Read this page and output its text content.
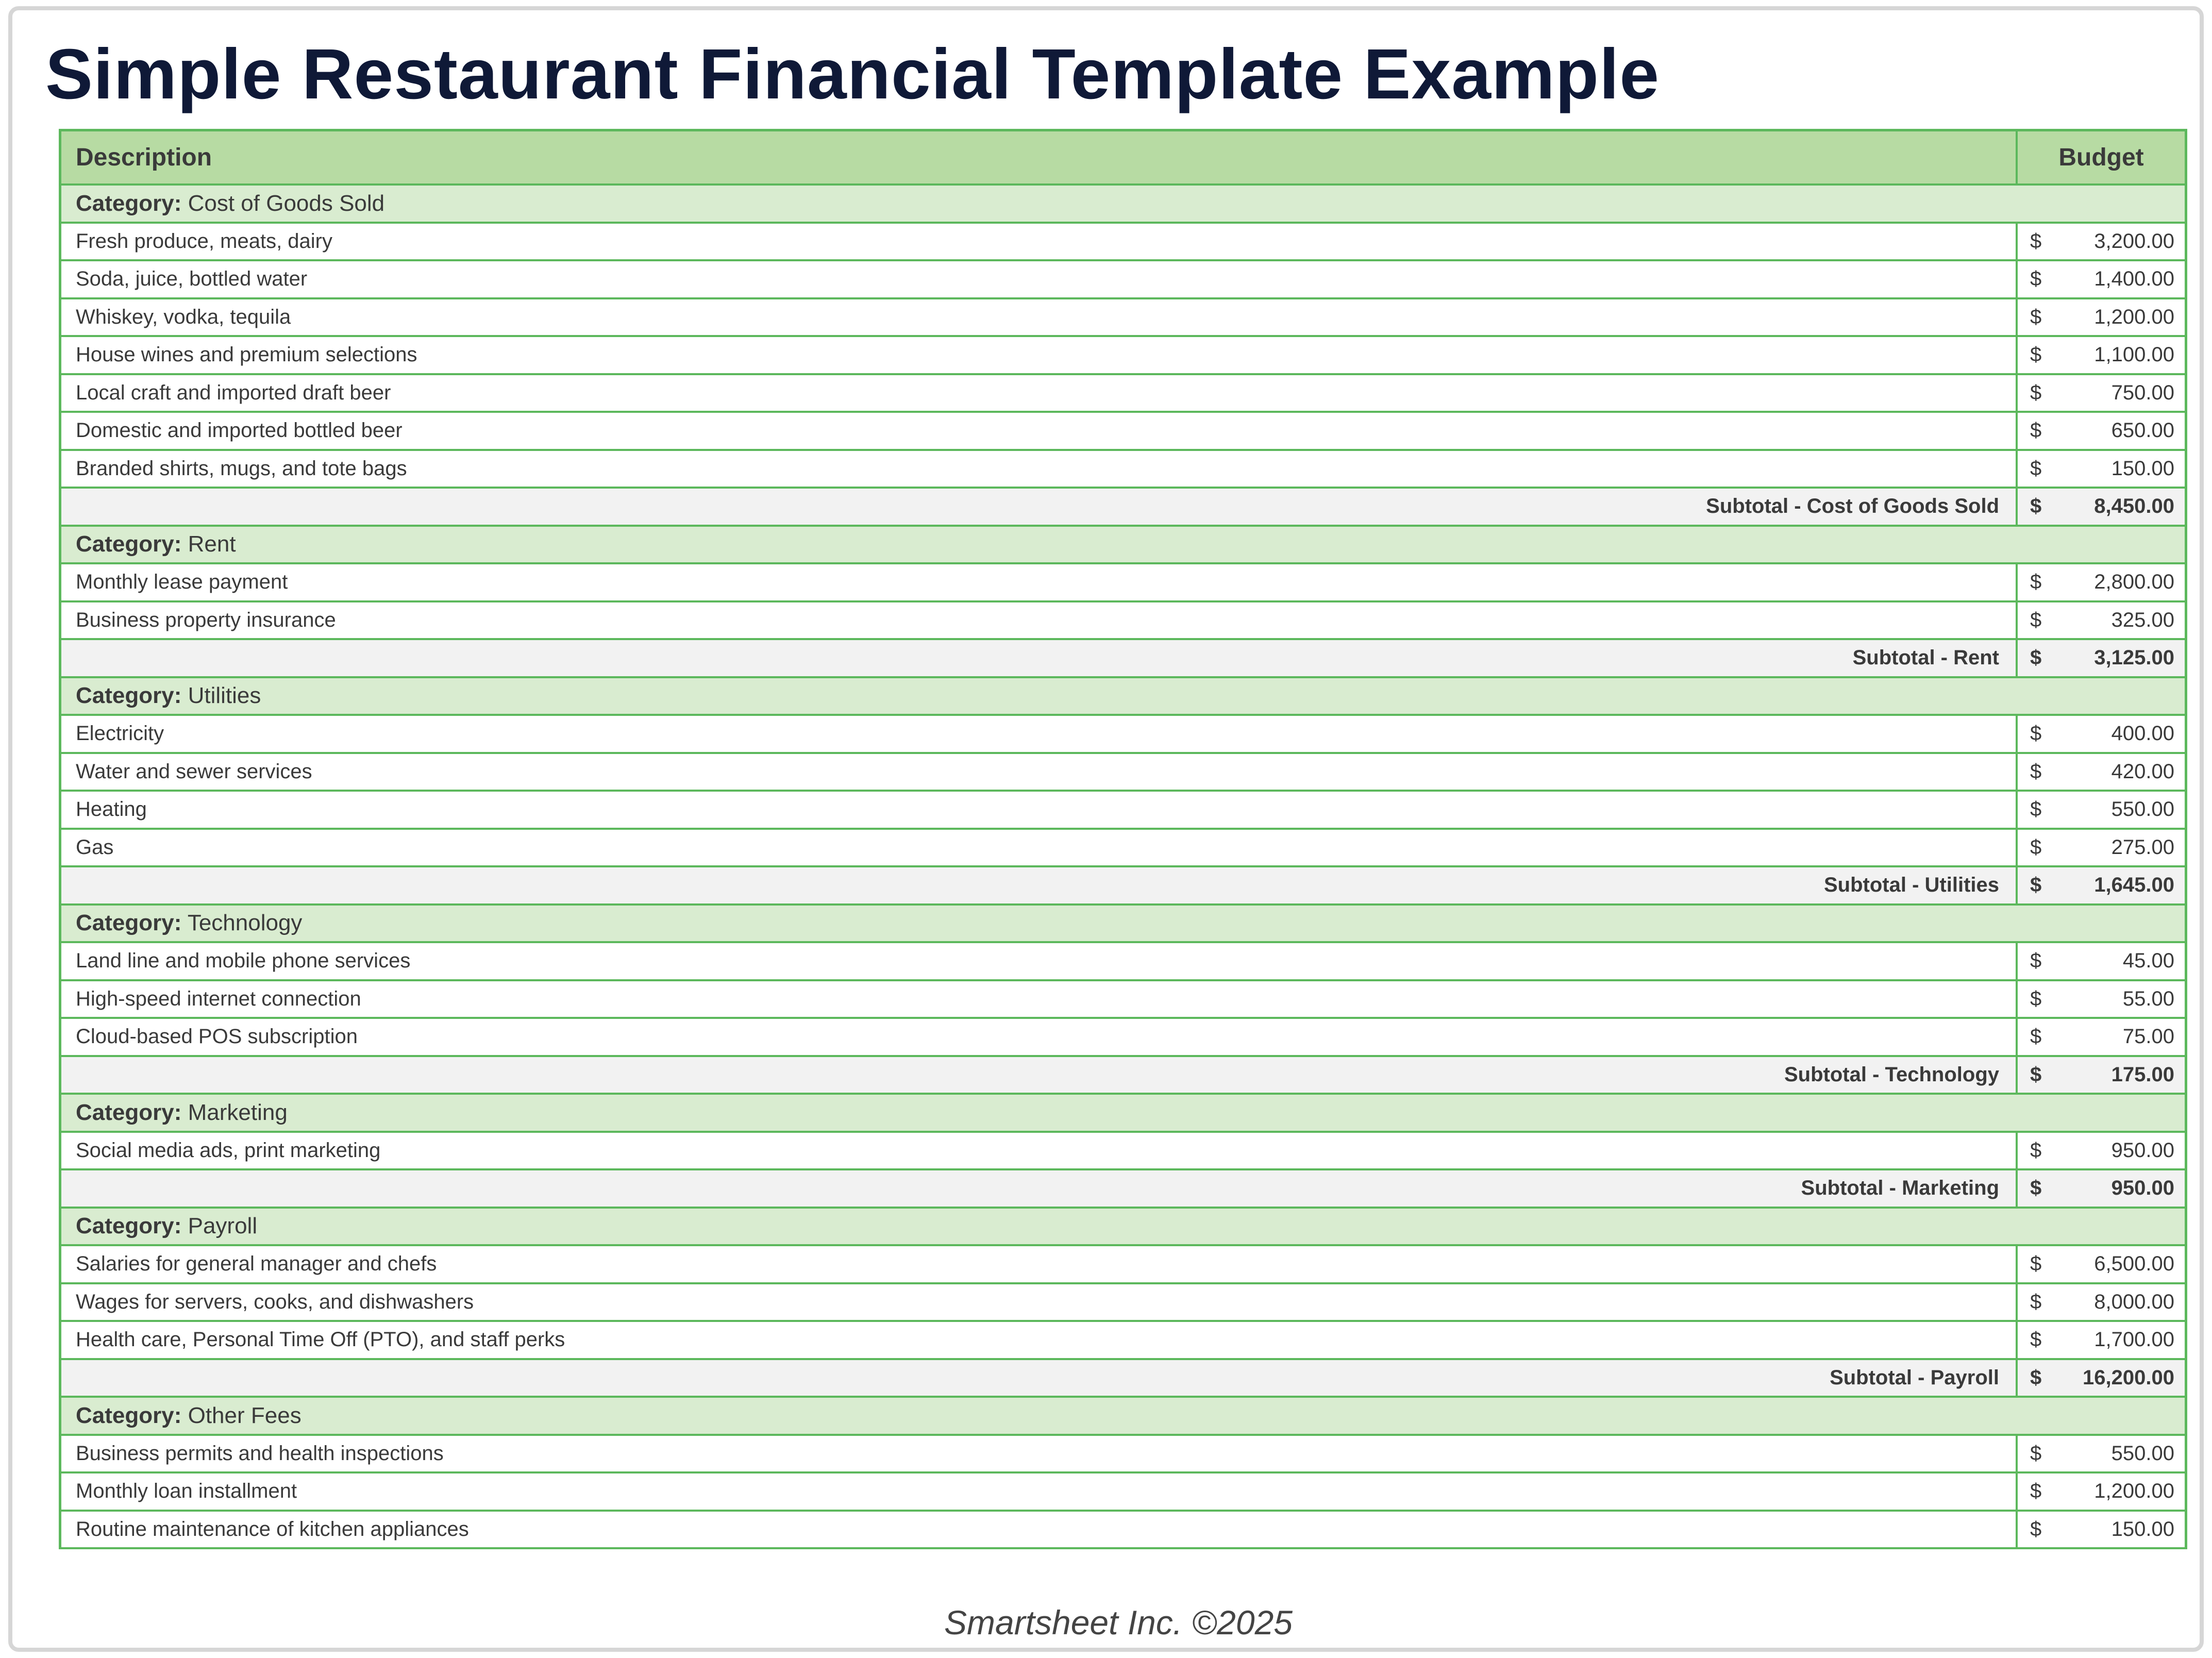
Simple Restaurant Financial Template Example
Description	Budget	
Category: Cost of Goods Sold		
Fresh produce, meats, dairy	$	3,200.00
Soda, juice, bottled water	$	1,400.00
Whiskey, vodka, tequila	$	1,200.00
House wines and premium selections	$	1,100.00
Local craft and imported draft beer	$	750.00
Domestic and imported bottled beer	$	650.00
Branded shirts, mugs, and tote bags	$	150.00
Subtotal - Cost of Goods Sold	$	8,450.00
Category: Rent		
Monthly lease payment	$	2,800.00
Business property insurance	$	325.00
Subtotal - Rent	$	3,125.00
Category: Utilities		
Electricity	$	400.00
Water and sewer services	$	420.00
Heating	$	550.00
Gas	$	275.00
Subtotal - Utilities	$	1,645.00
Category: Technology		
Land line and mobile phone services	$	45.00
High-speed internet connection	$	55.00
Cloud-based POS subscription	$	75.00
Subtotal - Technology	$	175.00
Category: Marketing		
Social media ads, print marketing	$	950.00
Subtotal - Marketing	$	950.00
Category: Payroll		
Salaries for general manager and chefs	$	6,500.00
Wages for servers, cooks, and dishwashers	$	8,000.00
Health care, Personal Time Off (PTO), and staff perks	$	1,700.00
Subtotal - Payroll	$	16,200.00
Category: Other Fees		
Business permits and health inspections	$	550.00
Monthly loan installment	$	1,200.00
Routine maintenance of kitchen appliances	$	150.00
Smartsheet Inc. ©2025
